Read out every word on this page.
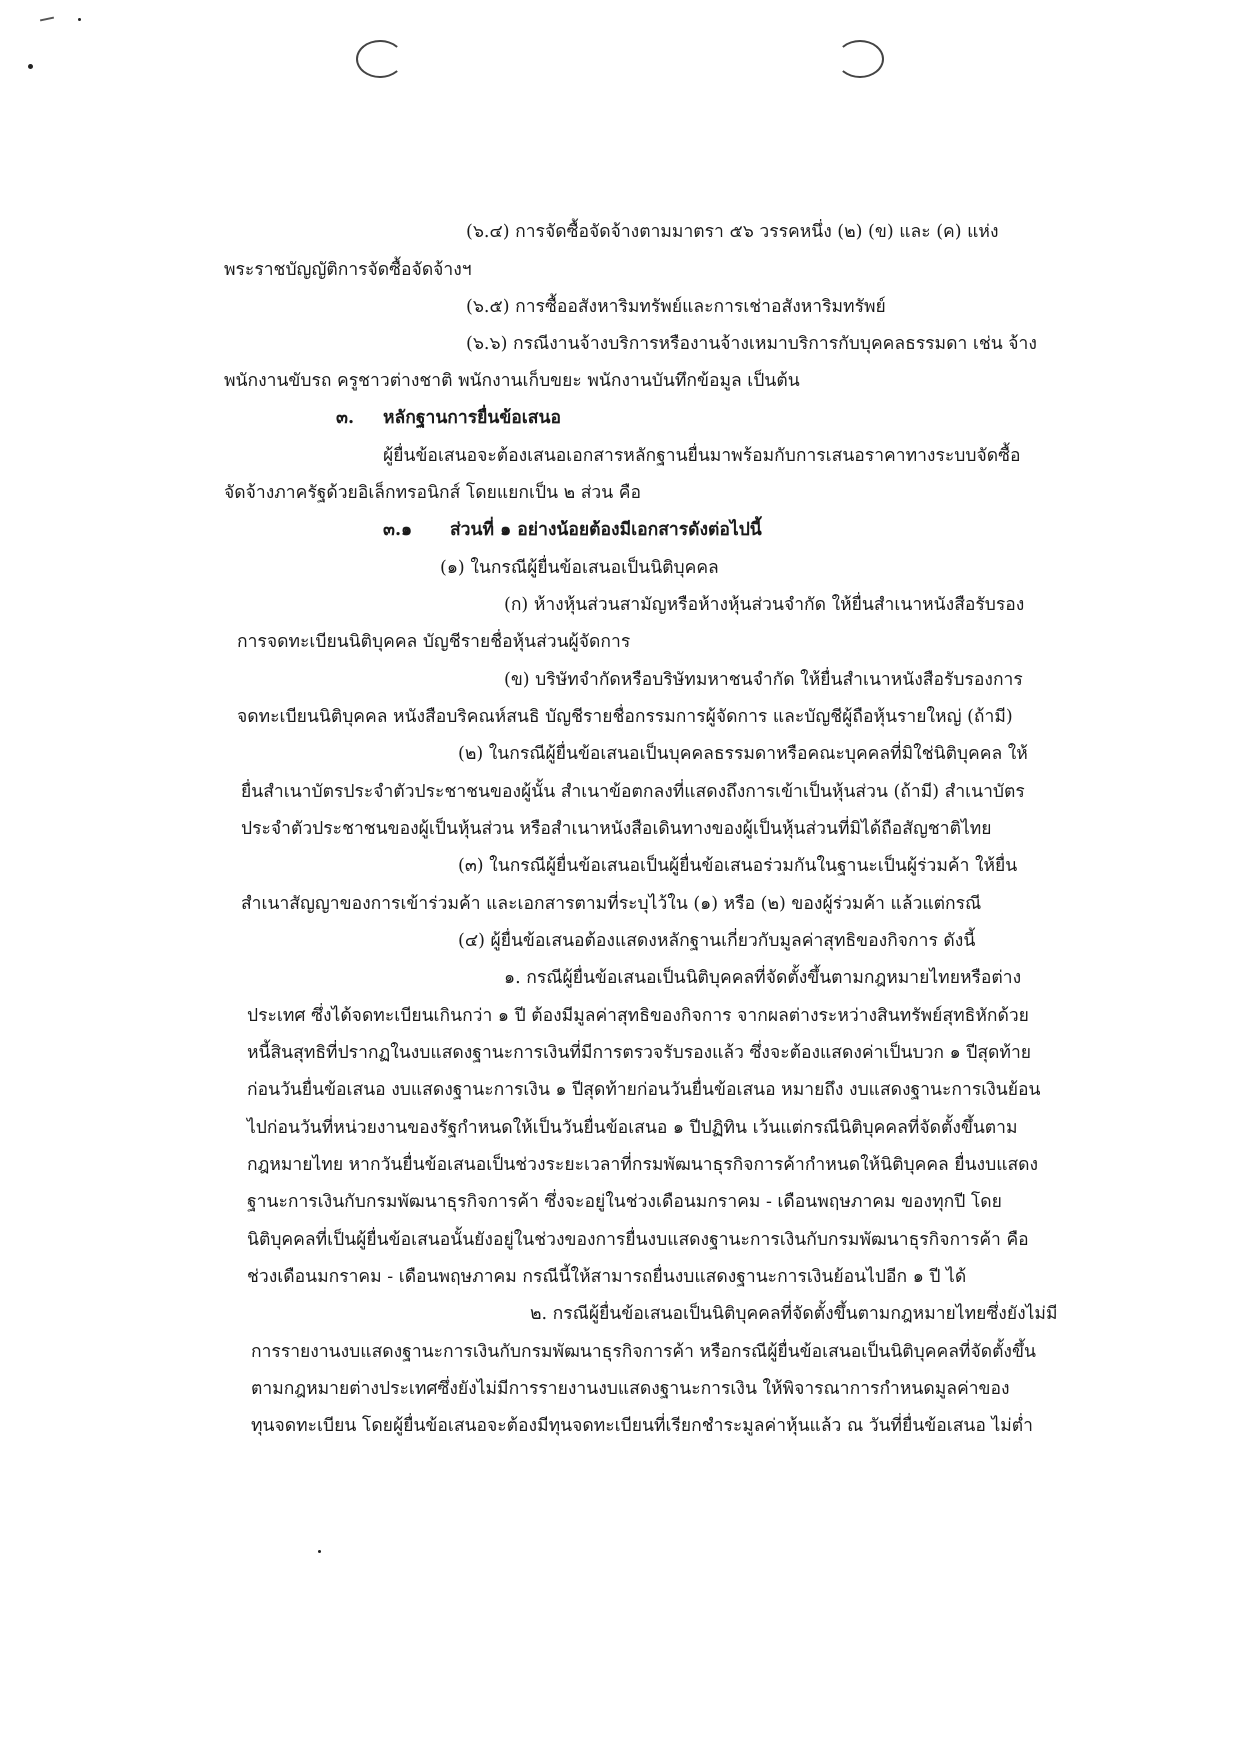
(๖.๔) การจัดซื้อจัดจ้างตามมาตรา ๕๖ วรรคหนึ่ง (๒) (ข) และ (ค) แห่ง
พระราชบัญญัติการจัดซื้อจัดจ้างฯ
(๖.๕) การซื้ออสังหาริมทรัพย์และการเช่าอสังหาริมทรัพย์
(๖.๖) กรณีงานจ้างบริการหรืองานจ้างเหมาบริการกับบุคคลธรรมดา เช่น จ้าง
พนักงานขับรถ ครูชาวต่างชาติ พนักงานเก็บขยะ พนักงานบันทึกข้อมูล เป็นต้น
๓. หลักฐานการยื่นข้อเสนอ
ผู้ยื่นข้อเสนอจะต้องเสนอเอกสารหลักฐานยื่นมาพร้อมกับการเสนอราคาทางระบบจัดซื้อ
จัดจ้างภาครัฐด้วยอิเล็กทรอนิกส์ โดยแยกเป็น ๒ ส่วน คือ
๓.๑ ส่วนที่ ๑ อย่างน้อยต้องมีเอกสารดังต่อไปนี้
(๑) ในกรณีผู้ยื่นข้อเสนอเป็นนิติบุคคล
(ก) ห้างหุ้นส่วนสามัญหรือห้างหุ้นส่วนจำกัด ให้ยื่นสำเนาหนังสือรับรอง
การจดทะเบียนนิติบุคคล บัญชีรายชื่อหุ้นส่วนผู้จัดการ
(ข) บริษัทจำกัดหรือบริษัทมหาชนจำกัด ให้ยื่นสำเนาหนังสือรับรองการ
จดทะเบียนนิติบุคคล หนังสือบริคณห์สนธิ บัญชีรายชื่อกรรมการผู้จัดการ และบัญชีผู้ถือหุ้นรายใหญ่ (ถ้ามี)
(๒) ในกรณีผู้ยื่นข้อเสนอเป็นบุคคลธรรมดาหรือคณะบุคคลที่มิใช่นิติบุคคล ให้
ยื่นสำเนาบัตรประจำตัวประชาชนของผู้นั้น สำเนาข้อตกลงที่แสดงถึงการเข้าเป็นหุ้นส่วน (ถ้ามี) สำเนาบัตร
ประจำตัวประชาชนของผู้เป็นหุ้นส่วน หรือสำเนาหนังสือเดินทางของผู้เป็นหุ้นส่วนที่มิได้ถือสัญชาติไทย
(๓) ในกรณีผู้ยื่นข้อเสนอเป็นผู้ยื่นข้อเสนอร่วมกันในฐานะเป็นผู้ร่วมค้า ให้ยื่น
สำเนาสัญญาของการเข้าร่วมค้า และเอกสารตามที่ระบุไว้ใน (๑) หรือ (๒) ของผู้ร่วมค้า แล้วแต่กรณี
(๔) ผู้ยื่นข้อเสนอต้องแสดงหลักฐานเกี่ยวกับมูลค่าสุทธิของกิจการ ดังนี้
๑. กรณีผู้ยื่นข้อเสนอเป็นนิติบุคคลที่จัดตั้งขึ้นตามกฎหมายไทยหรือต่าง
ประเทศ ซึ่งได้จดทะเบียนเกินกว่า ๑ ปี ต้องมีมูลค่าสุทธิของกิจการ จากผลต่างระหว่างสินทรัพย์สุทธิหักด้วย
หนี้สินสุทธิที่ปรากฏในงบแสดงฐานะการเงินที่มีการตรวจรับรองแล้ว ซึ่งจะต้องแสดงค่าเป็นบวก ๑ ปีสุดท้าย
ก่อนวันยื่นข้อเสนอ งบแสดงฐานะการเงิน ๑ ปีสุดท้ายก่อนวันยื่นข้อเสนอ หมายถึง งบแสดงฐานะการเงินย้อน
ไปก่อนวันที่หน่วยงานของรัฐกำหนดให้เป็นวันยื่นข้อเสนอ ๑ ปีปฏิทิน เว้นแต่กรณีนิติบุคคลที่จัดตั้งขึ้นตาม
กฎหมายไทย หากวันยื่นข้อเสนอเป็นช่วงระยะเวลาที่กรมพัฒนาธุรกิจการค้ากำหนดให้นิติบุคคล ยื่นงบแสดง
ฐานะการเงินกับกรมพัฒนาธุรกิจการค้า ซึ่งจะอยู่ในช่วงเดือนมกราคม - เดือนพฤษภาคม ของทุกปี โดย
นิติบุคคลที่เป็นผู้ยื่นข้อเสนอนั้นยังอยู่ในช่วงของการยื่นงบแสดงฐานะการเงินกับกรมพัฒนาธุรกิจการค้า คือ
ช่วงเดือนมกราคม - เดือนพฤษภาคม กรณีนี้ให้สามารถยื่นงบแสดงฐานะการเงินย้อนไปอีก ๑ ปี ได้
๒. กรณีผู้ยื่นข้อเสนอเป็นนิติบุคคลที่จัดตั้งขึ้นตามกฎหมายไทยซึ่งยังไม่มี
การรายงานงบแสดงฐานะการเงินกับกรมพัฒนาธุรกิจการค้า หรือกรณีผู้ยื่นข้อเสนอเป็นนิติบุคคลที่จัดตั้งขึ้น
ตามกฎหมายต่างประเทศซึ่งยังไม่มีการรายงานงบแสดงฐานะการเงิน ให้พิจารณาการกำหนดมูลค่าของ
ทุนจดทะเบียน โดยผู้ยื่นข้อเสนอจะต้องมีทุนจดทะเบียนที่เรียกชำระมูลค่าหุ้นแล้ว ณ วันที่ยื่นข้อเสนอ ไม่ต่ำ
